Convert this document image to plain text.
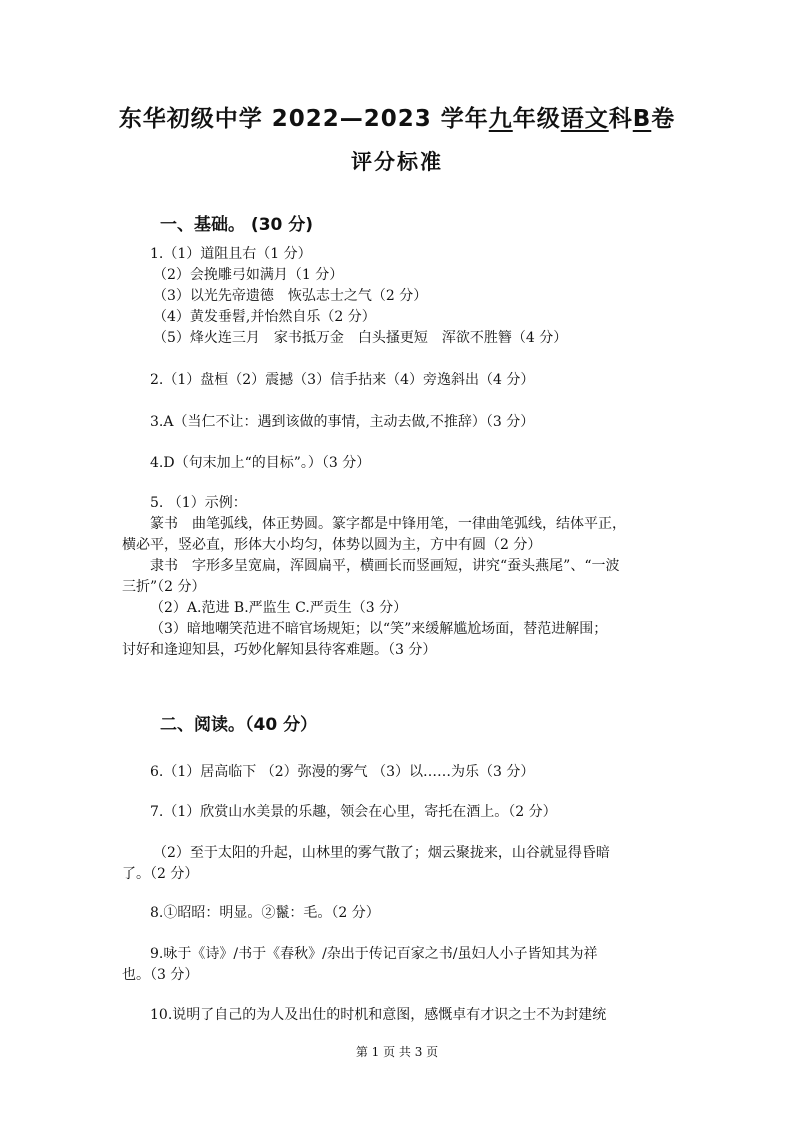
东华初级中学 2022—2023 学年九年级语文科B卷
评分标准
一、基础。 (30 分)
1.（1）道阻且右（1 分）
（2）会挽雕弓如满月（1 分）
（3）以光先帝遗德　恢弘志士之气（2 分）
（4）黄发垂髫,并怡然自乐（2 分）
（5）烽火连三月　家书抵万金　白头搔更短　浑欲不胜簪（4 分）
2.（1）盘桓（2）震撼（3）信手拈来（4）旁逸斜出（4 分）
3.A（当仁不让：遇到该做的事情，主动去做,不推辞）（3 分）
4.D（句末加上“的目标”。）（3 分）
5. （1）示例：
篆书　曲笔弧线，体正势圆。篆字都是中锋用笔，一律曲笔弧线，结体平正，
横必平，竖必直，形体大小均匀，体势以圆为主，方中有圆（2 分）
隶书　字形多呈宽扁，浑圆扁平，横画长而竖画短，讲究“蚕头燕尾”、“一波
三折”（2 分）
（2）A.范进 B.严监生 C.严贡生（3 分）
（3）暗地嘲笑范进不暗官场规矩；以“笑”来缓解尴尬场面，替范进解围；
讨好和逢迎知县，巧妙化解知县待客难题。（3 分）
二、阅读。（40 分）
6.（1）居高临下 （2）弥漫的雾气 （3）以……为乐（3 分）
7.（1）欣赏山水美景的乐趣，领会在心里，寄托在酒上。（2 分）
（2）至于太阳的升起，山林里的雾气散了；烟云聚拢来，山谷就显得昏暗
了。（2 分）
8.①昭昭：明显。②鬣：毛。（2 分）
9.咏于《诗》/书于《春秋》/杂出于传记百家之书/虽妇人小子皆知其为祥
也。（3 分）
10.说明了自己的为人及出仕的时机和意图，感慨卓有才识之士不为封建统
第 1 页 共 3 页
